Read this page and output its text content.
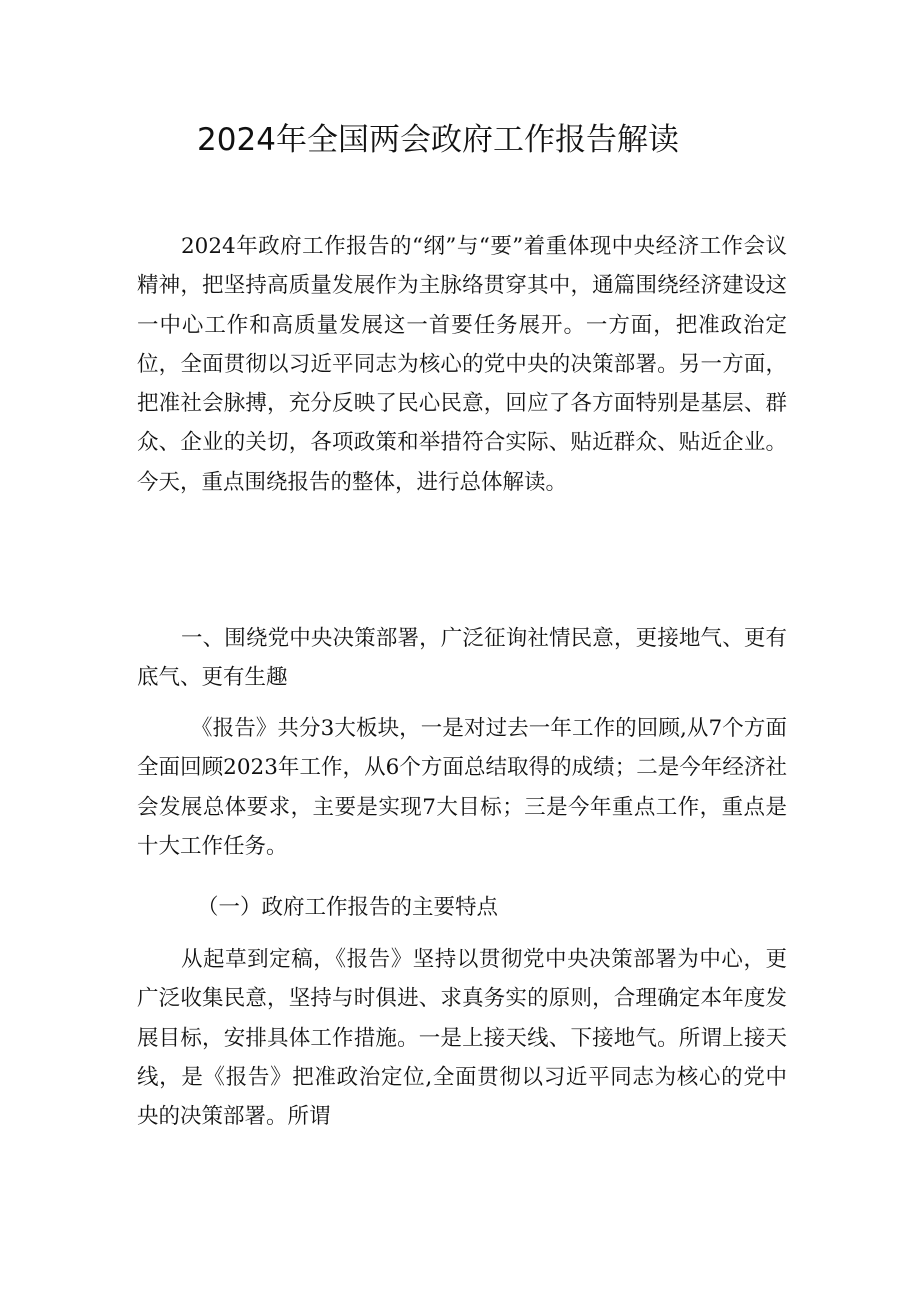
2024年全国两会政府工作报告解读

2024年政府工作报告的“纲”与“要”着重体现中央经济工作会议精神，把坚持高质量发展作为主脉络贯穿其中，通篇围绕经济建设这一中心工作和高质量发展这一首要任务展开。一方面，把准政治定位，全面贯彻以习近平同志为核心的党中央的决策部署。另一方面，把准社会脉搏，充分反映了民心民意，回应了各方面特别是基层、群众、企业的关切，各项政策和举措符合实际、贴近群众、贴近企业。今天，重点围绕报告的整体，进行总体解读。

一、围绕党中央决策部署，广泛征询社情民意，更接地气、更有底气、更有生趣

《报告》共分3大板块，一是对过去一年工作的回顾,从7个方面全面回顾2023年工作，从6个方面总结取得的成绩；二是今年经济社会发展总体要求，主要是实现7大目标；三是今年重点工作，重点是十大工作任务。

（一）政府工作报告的主要特点

从起草到定稿，《报告》坚持以贯彻党中央决策部署为中心，更广泛收集民意，坚持与时俱进、求真务实的原则，合理确定本年度发展目标，安排具体工作措施。一是上接天线、下接地气。所谓上接天线，是《报告》把准政治定位,全面贯彻以习近平同志为核心的党中央的决策部署。所谓
